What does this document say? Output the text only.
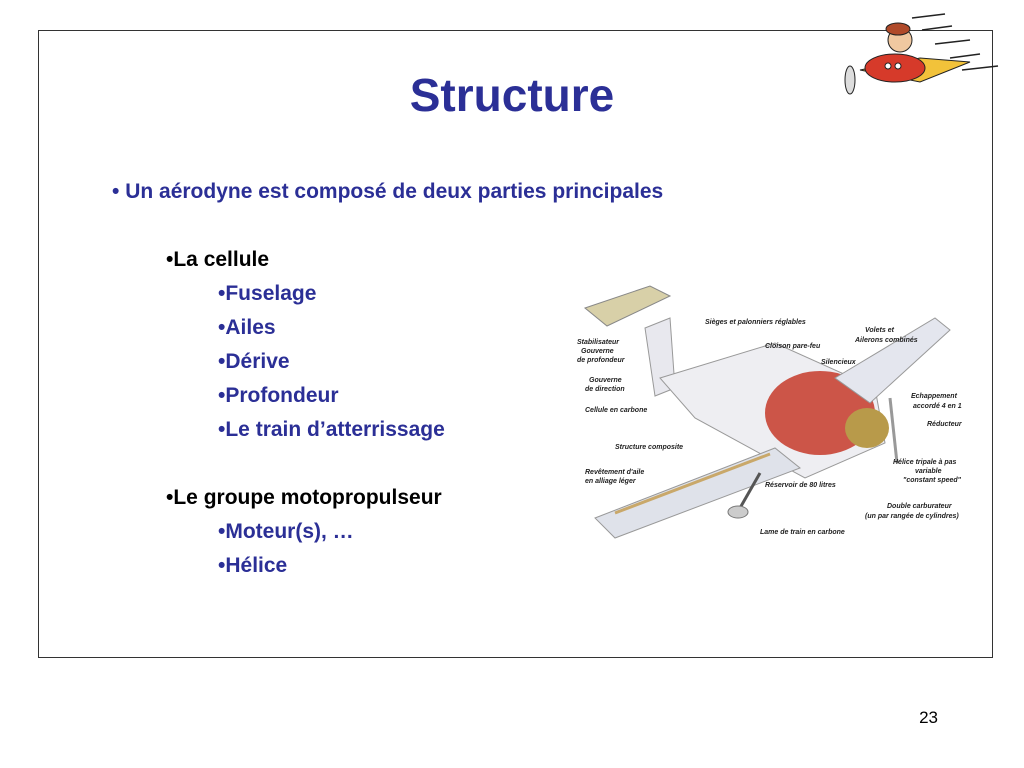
Structure
• Un aérodyne est composé de deux parties principales
•La cellule
•Fuselage
•Ailes
•Dérive
•Profondeur
•Le train d’atterrissage
•Le groupe motopropulseur
•Moteur(s), …
•Hélice
Sièges et palonniers réglables
Volets et
Ailerons combinés
Stabilisateur
Gouverne
de profondeur
Cloison pare-feu
Silencieux
Gouverne
de direction
Cellule en carbone
Echappement
accordé 4 en 1
Réducteur
Structure composite
Hélice tripale à pas
variable
"constant speed"
Revêtement d'aile
en alliage léger
Réservoir de 80 litres
Double carburateur
(un par rangée de cylindres)
Lame de train en carbone
23
